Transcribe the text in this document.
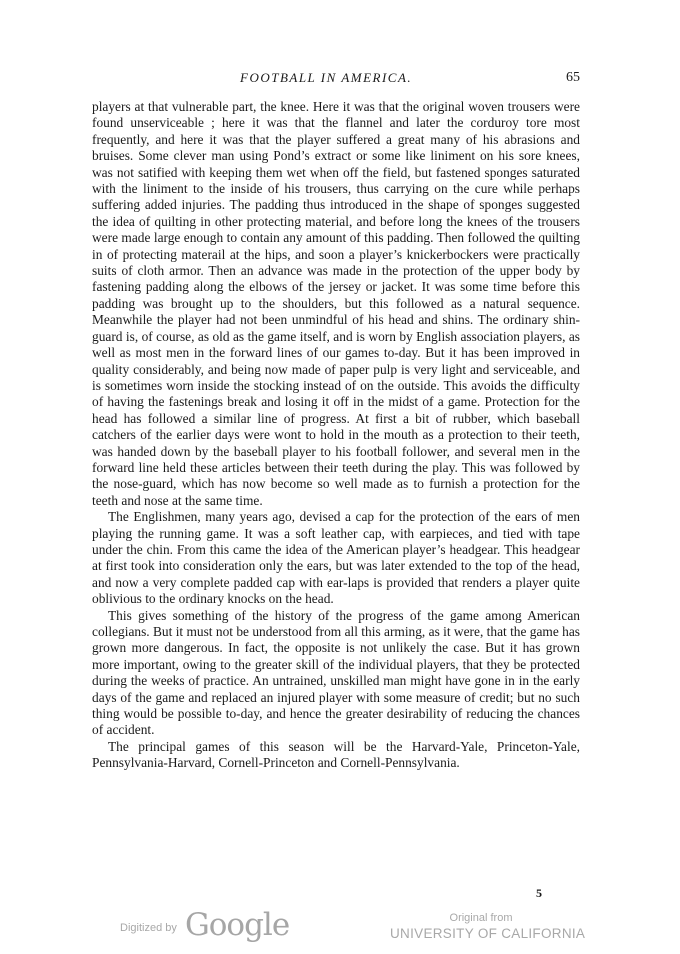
FOOTBALL IN AMERICA.	65

players at that vulnerable part, the knee. Here it was that the original woven trousers were found unserviceable ; here it was that the flannel and later the corduroy tore most frequently, and here it was that the player suffered a great many of his abrasions and bruises. Some clever man using Pond’s extract or some like liniment on his sore knees, was not satified with keeping them wet when off the field, but fastened sponges saturated with the liniment to the inside of his trousers, thus carrying on the cure while perhaps suffering added injuries. The padding thus introduced in the shape of sponges suggested the idea of quilting in other protecting material, and before long the knees of the trousers were made large enough to contain any amount of this padding. Then followed the quilting in of protecting materail at the hips, and soon a player’s knickerbockers were practically suits of cloth armor. Then an advance was made in the protection of the upper body by fastening padding along the elbows of the jersey or jacket. It was some time before this padding was brought up to the shoulders, but this followed as a natural sequence. Meanwhile the player had not been unmindful of his head and shins. The ordinary shin-guard is, of course, as old as the game itself, and is worn by English association players, as well as most men in the forward lines of our games to-day. But it has been improved in quality considerably, and being now made of paper pulp is very light and serviceable, and is sometimes worn inside the stocking instead of on the outside. This avoids the difficulty of having the fastenings break and losing it off in the midst of a game. Protection for the head has followed a similar line of progress. At first a bit of rubber, which baseball catchers of the earlier days were wont to hold in the mouth as a protection to their teeth, was handed down by the baseball player to his football follower, and several men in the forward line held these articles between their teeth during the play. This was followed by the nose-guard, which has now become so well made as to furnish a protection for the teeth and nose at the same time.

The Englishmen, many years ago, devised a cap for the protection of the ears of men playing the running game. It was a soft leather cap, with earpieces, and tied with tape under the chin. From this came the idea of the American player’s headgear. This headgear at first took into consideration only the ears, but was later extended to the top of the head, and now a very complete padded cap with ear-laps is provided that renders a player quite oblivious to the ordinary knocks on the head.

This gives something of the history of the progress of the game among American collegians. But it must not be understood from all this arming, as it were, that the game has grown more dangerous. In fact, the opposite is not unlikely the case. But it has grown more important, owing to the greater skill of the individual players, that they be protected during the weeks of practice. An untrained, unskilled man might have gone in in the early days of the game and replaced an injured player with some measure of credit; but no such thing would be possible to-day, and hence the greater desirability of reducing the chances of accident.

The principal games of this season will be the Harvard-Yale, Princeton-Yale, Pennsylvania-Harvard, Cornell-Princeton and Cornell-Pennsylvania.

5
Digitized by Google	Original from
UNIVERSITY OF CALIFORNIA
